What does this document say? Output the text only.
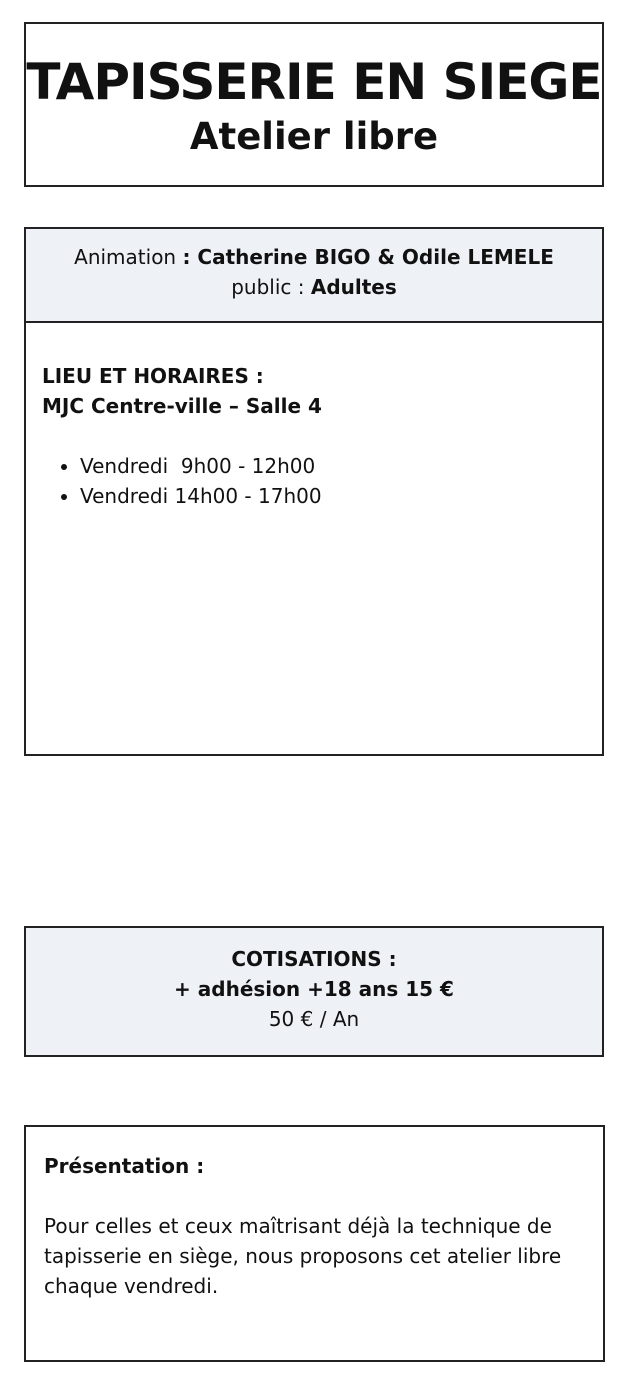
TAPISSERIE EN SIEGE
Atelier libre
Animation : Catherine BIGO & Odile LEMELE
public : Adultes
LIEU ET HORAIRES :
MJC Centre-ville – Salle 4
• Vendredi  9h00 - 12h00
• Vendredi 14h00 - 17h00
COTISATIONS :
+ adhésion +18 ans 15 €
50 € / An
Présentation :
Pour celles et ceux maîtrisant déjà la technique de tapisserie en siège, nous proposons cet atelier libre chaque vendredi.
